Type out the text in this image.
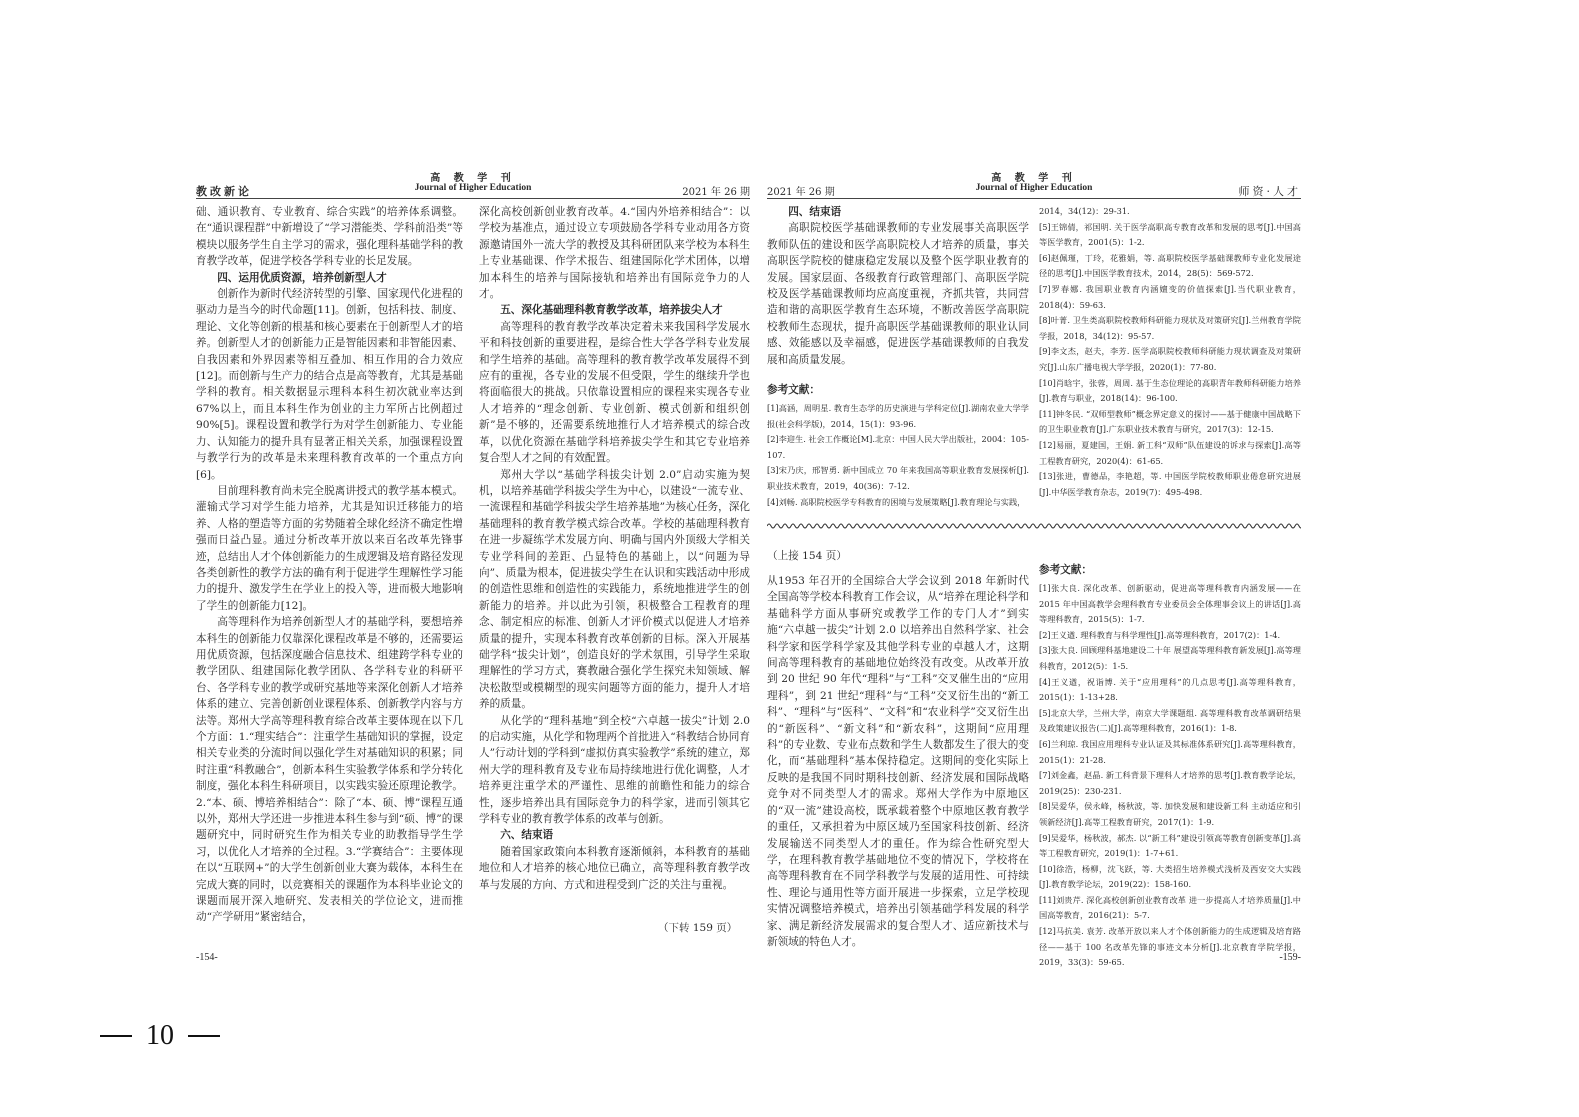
高 教 学 刊
Journal of Higher Education
教改新论	2021 年 26 期

础、通识教育、专业教育、综合实践”的培养体系调整。在“通识课程群”中新增设了“学习潜能类、学科前沿类”等模块以服务学生自主学习的需求，强化理科基础学科的教育教学改革，促进学校各学科专业的长足发展。

四、运用优质资源，培养创新型人才

创新作为新时代经济转型的引擎、国家现代化进程的驱动力是当今的时代命题[11]。创新，包括科技、制度、理论、文化等创新的根基和核心要素在于创新型人才的培养。创新型人才的创新能力正是智能因素和非智能因素、自我因素和外界因素等相互叠加、相互作用的合力效应[12]。而创新与生产力的结合点是高等教育，尤其是基础学科的教育。相关数据显示理科本科生初次就业率达到 67%以上，而且本科生作为创业的主力军所占比例超过 90%[5]。课程设置和教学行为对学生创新能力、专业能力、认知能力的提升具有显著正相关关系，加强课程设置与教学行为的改革是未来理科教育改革的一个重点方向[6]。

目前理科教育尚未完全脱离讲授式的教学基本模式。灌输式学习对学生能力培养，尤其是知识迁移能力的培养、人格的塑造等方面的劣势随着全球化经济不确定性增强而日益凸显。通过分析改革开放以来百名改革先锋事迹，总结出人才个体创新能力的生成逻辑及培育路径发现各类创新性的教学方法的确有利于促进学生理解性学习能力的提升、激发学生在学业上的投入等，进而极大地影响了学生的创新能力[12]。

高等理科作为培养创新型人才的基础学科，要想培养本科生的创新能力仅靠深化课程改革是不够的，还需要运用优质资源，包括深度融合信息技术、组建跨学科专业的教学团队、组建国际化教学团队、各学科专业的科研平台、各学科专业的教学或研究基地等来深化创新人才培养体系的建立、完善创新创业课程体系、创新教学内容与方法等。郑州大学高等理科教育综合改革主要体现在以下几个方面：1.“理实结合”：注重学生基础知识的掌握，设定相关专业类的分流时间以强化学生对基础知识的积累；同时注重“科教融合”，创新本科生实验教学体系和学分转化制度，强化本科生科研项目，以实践实验还原理论教学。2.“本、硕、博培养相结合”：除了“本、硕、博”课程互通以外，郑州大学还进一步推进本科生参与到“硕、博”的课题研究中，同时研究生作为相关专业的助教指导学生学习，以优化人才培养的全过程。3.“学赛结合”：主要体现在以“互联网+”的大学生创新创业大赛为载体，本科生在完成大赛的同时，以竞赛相关的课题作为本科毕业论文的课题而展开深入地研究、发表相关的学位论文，进而推动“产学研用”紧密结合，

深化高校创新创业教育改革。4.“国内外培养相结合”：以学校为基准点，通过设立专项鼓励各学科专业动用各方资源邀请国外一流大学的教授及其科研团队来学校为本科生上专业基础课、作学术报告、组建国际化学术团体，以增加本科生的培养与国际接轨和培养出有国际竞争力的人才。

五、深化基础理科教育教学改革，培养拔尖人才

高等理科的教育教学改革决定着未来我国科学发展水平和科技创新的重要进程，是综合性大学各学科专业发展和学生培养的基础。高等理科的教育教学改革发展得不到应有的重视，各专业的发展不但受限，学生的继续升学也将面临很大的挑战。只依靠设置相应的课程来实现各专业人才培养的“理念创新、专业创新、模式创新和组织创新”是不够的，还需要系统地推行人才培养模式的综合改革，以优化资源在基础学科培养拔尖学生和其它专业培养复合型人才之间的有效配置。

郑州大学以“基础学科拔尖计划 2.0”启动实施为契机，以培养基础学科拔尖学生为中心，以建设“一流专业、一流课程和基础学科拔尖学生培养基地”为核心任务，深化基础理科的教育教学模式综合改革。学校的基础理科教育在进一步凝练学术发展方向、明确与国内外顶级大学相关专业学科间的差距、凸显特色的基础上，以“问题为导向”、质量为根本，促进拔尖学生在认识和实践活动中形成的创造性思维和创造性的实践能力，系统地推进学生的创新能力的培养。并以此为引领，积极整合工程教育的理念、制定相应的标准、创新人才评价模式以促进人才培养质量的提升，实现本科教育改革创新的目标。深入开展基础学科“拔尖计划”，创造良好的学术氛围，引导学生采取理解性的学习方式，赛教融合强化学生探究未知领域、解决松散型或模糊型的现实问题等方面的能力，提升人才培养的质量。

从化学的“理科基地”到全校“六卓越一拔尖”计划 2.0 的启动实施，从化学和物理两个首批进入“科教结合协同育人”行动计划的学科到“虚拟仿真实验教学”系统的建立，郑州大学的理科教育及专业布局持续地进行优化调整，人才培养更注重学术的严谨性、思维的前瞻性和能力的综合性，逐步培养出具有国际竞争力的科学家，进而引领其它学科专业的教育教学体系的改革与创新。

六、结束语

随着国家政策向本科教育逐渐倾斜，本科教育的基础地位和人才培养的核心地位已确立，高等理科教育教学改革与发展的方向、方式和进程受到广泛的关注与重视。

（下转 159 页）
-154-
高 教 学 刊
Journal of Higher Education
2021 年 26 期	师资·人才

四、结束语

高职院校医学基础课教师的专业发展事关高职医学教师队伍的建设和医学高职院校人才培养的质量，事关高职医学院校的健康稳定发展以及整个医学职业教育的发展。国家层面、各级教育行政管理部门、高职医学院校及医学基础课教师均应高度重视，齐抓共管，共同营造和谐的高职医学教育生态环境，不断改善医学高职院校教师生态现状，提升高职医学基础课教师的职业认同感、效能感以及幸福感，促进医学基础课教师的自我发展和高质量发展。

参考文献：

[1]高涵，周明星. 教育生态学的历史演进与学科定位[J].湖南农业大学学报(社会科学版)，2014，15(1)：93-96.

[2]李迎生. 社会工作概论[M].北京：中国人民大学出版社，2004：105-107.

[3]宋乃庆，邢智勇. 新中国成立 70 年来我国高等职业教育发展探析[J].职业技术教育，2019，40(36)：7-12.

[4]刘畅. 高职院校医学专科教育的困境与发展策略[J].教育理论与实践，

2014，34(12)：29-31.

[5]王锦倩，祁国明. 关于医学高职高专教育改革和发展的思考[J].中国高等医学教育，2001(5)：1-2.

[6]赵佩瑾，丁玲，花雅娟，等. 高职院校医学基础课教师专业化发展途径的思考[J].中国医学教育技术，2014，28(5)：569-572.

[7]罗春娜. 我国职业教育内涵嬗变的价值探索[J].当代职业教育，2018(4)：59-63.

[8]叶菁. 卫生类高职院校教师科研能力现状及对策研究[J].兰州教育学院学报，2018，34(12)：95-57.

[9]李文杰，赵夫，李芳. 医学高职院校教师科研能力现状调查及对策研究[J].山东广播电视大学学报，2020(1)：77-80.

[10]肖晗宇，张蓉，周周. 基于生态位理论的高职青年教师科研能力培养[J].教育与职业，2018(14)：96-100.

[11]钟冬民. “双师型教师”概念界定意义的探讨——基于健康中国战略下的卫生职业教育[J].广东职业技术教育与研究，2017(3)：12-15.

[12]易丽，夏建国，王娟. 新工科“双师”队伍建设的诉求与探索[J].高等工程教育研究，2020(4)：61-65.

[13]张进，曹德品，李艳超，等. 中国医学院校教师职业倦怠研究进展[J].中华医学教育杂志，2019(7)：495-498.

（上接 154 页）

从1953 年召开的全国综合大学会议到 2018 年新时代全国高等学校本科教育工作会议，从“培养在理论科学和基础科学方面从事研究或教学工作的专门人才”到实施“六卓越一拔尖”计划 2.0 以培养出自然科学家、社会科学家和医学科学家及其他学科专业的卓越人才，这期间高等理科教育的基础地位始终没有改变。从改革开放到 20 世纪 90 年代“理科”与“工科”交叉催生出的“应用理科”，到 21 世纪“理科”与“工科”交叉衍生出的“新工科”、“理科”与“医科”、“文科”和“农业科学”交叉衍生出的“新医科”、“新文科”和“新农科”，这期间“应用理科”的专业数、专业布点数和学生人数都发生了很大的变化，而“基础理科”基本保持稳定。这期间的变化实际上反映的是我国不同时期科技创新、经济发展和国际战略竞争对不同类型人才的需求。郑州大学作为中原地区的“双一流”建设高校，既承载着整个中原地区教育教学的重任，又承担着为中原区域乃至国家科技创新、经济发展输送不同类型人才的重任。作为综合性研究型大学，在理科教育教学基础地位不变的情况下，学校将在高等理科教育在不同学科教学与发展的适用性、可持续性、理论与通用性等方面开展进一步探索，立足学校现实情况调整培养模式，培养出引领基础学科发展的科学家、满足新经济发展需求的复合型人才、适应新技术与新领域的特色人才。

参考文献：

[1]张大良. 深化改革、创新驱动，促进高等理科教育内涵发展——在 2015 年中国高教学会理科教育专业委员会全体理事会议上的讲话[J].高等理科教育，2015(5)：1-7.

[2]王义遒. 理科教育与科学理性[J].高等理科教育，2017(2)：1-4.

[3]张大良. 回顾理科基地建设二十年 展望高等理科教育新发展[J].高等理科教育，2012(5)：1-5.

[4]王义遒，祝诣博. 关于“应用理科”的几点思考[J].高等理科教育，2015(1)：1-13+28.

[5]北京大学，兰州大学，南京大学课题组. 高等理科教育改革调研结果及政策建议报告(二)[J].高等理科教育，2016(1)：1-8.

[6]兰利琼. 我国应用理科专业认证及其标准体系研究[J].高等理科教育，2015(1)：21-28.

[7]刘金鑫，赵晶. 新工科背景下理科人才培养的思考[J].教育教学论坛，2019(25)：230-231.

[8]吴爱华，侯永峰，杨秋波，等. 加快发展和建设新工科 主动适应和引领新经济[J].高等工程教育研究，2017(1)：1-9.

[9]吴爱华，杨秋波，郝杰. 以“新工科”建设引领高等教育创新变革[J].高等工程教育研究，2019(1)：1-7+61.

[10]徐浩，杨柳，沈飞跃，等. 大类招生培养模式浅析及西安交大实践[J].教育教学论坛，2019(22)：158-160.

[11]刘贵芹. 深化高校创新创业教育改革 进一步提高人才培养质量[J].中国高等教育，2016(21)：5-7.

[12]马抗美. 袁芳. 改革开放以来人才个体创新能力的生成逻辑及培育路径——基于 100 名改革先锋的事迹文本分析[J].北京教育学院学报，2019，33(3)：59-65.	-159-
10
